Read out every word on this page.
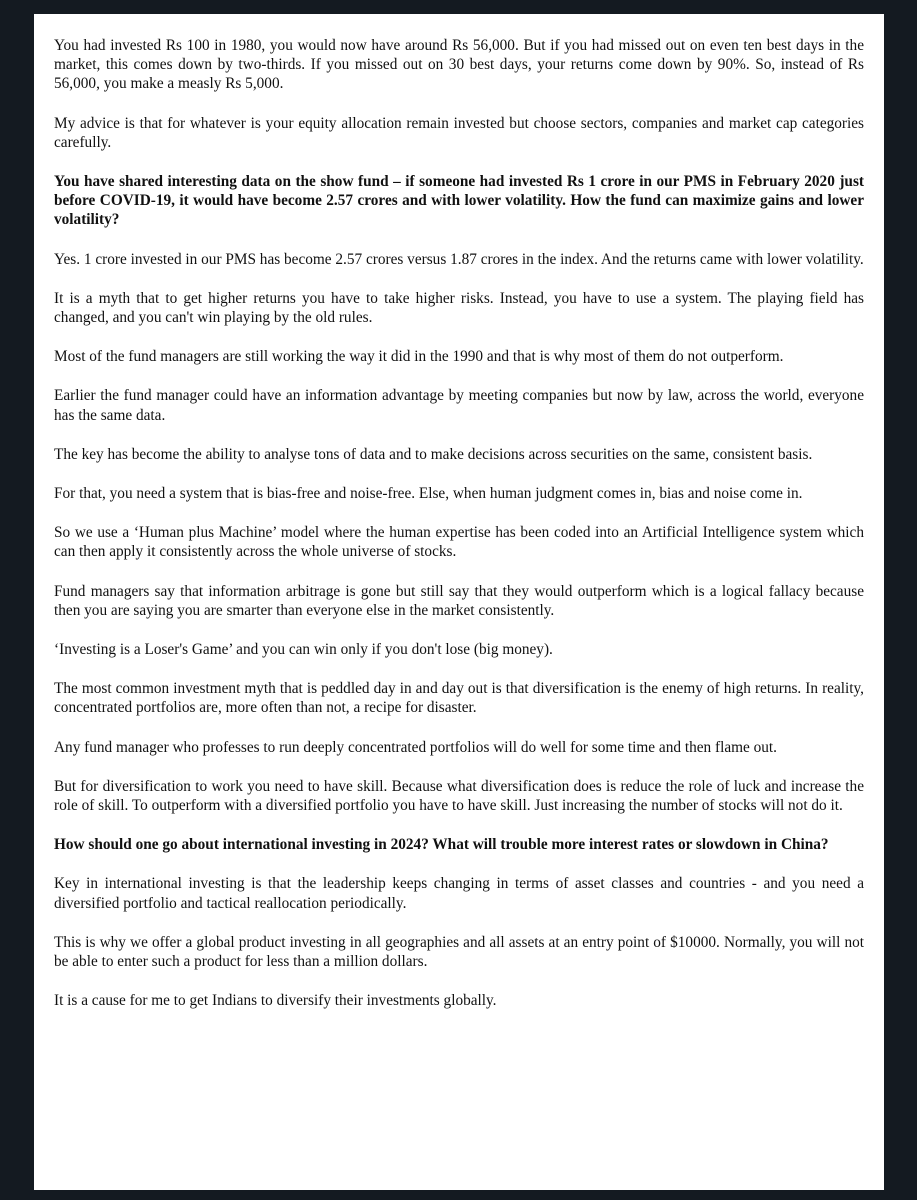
You had invested Rs 100 in 1980, you would now have around Rs 56,000. But if you had missed out on even ten best days in the market, this comes down by two-thirds. If you missed out on 30 best days, your returns come down by 90%. So, instead of Rs 56,000, you make a measly Rs 5,000.

My advice is that for whatever is your equity allocation remain invested but choose sectors, companies and market cap categories carefully.

You have shared interesting data on the show fund – if someone had invested Rs 1 crore in our PMS in February 2020 just before COVID-19, it would have become 2.57 crores and with lower volatility. How the fund can maximize gains and lower volatility?

Yes. 1 crore invested in our PMS has become 2.57 crores versus 1.87 crores in the index. And the returns came with lower volatility.

It is a myth that to get higher returns you have to take higher risks. Instead, you have to use a system. The playing field has changed, and you can't win playing by the old rules.

Most of the fund managers are still working the way it did in the 1990 and that is why most of them do not outperform.

Earlier the fund manager could have an information advantage by meeting companies but now by law, across the world, everyone has the same data.

The key has become the ability to analyse tons of data and to make decisions across securities on the same, consistent basis.

For that, you need a system that is bias-free and noise-free. Else, when human judgment comes in, bias and noise come in.

So we use a ‘Human plus Machine’ model where the human expertise has been coded into an Artificial Intelligence system which can then apply it consistently across the whole universe of stocks.

Fund managers say that information arbitrage is gone but still say that they would outperform which is a logical fallacy because then you are saying you are smarter than everyone else in the market consistently.

‘Investing is a Loser's Game’ and you can win only if you don't lose (big money).

The most common investment myth that is peddled day in and day out is that diversification is the enemy of high returns. In reality, concentrated portfolios are, more often than not, a recipe for disaster.

Any fund manager who professes to run deeply concentrated portfolios will do well for some time and then flame out.

But for diversification to work you need to have skill. Because what diversification does is reduce the role of luck and increase the role of skill. To outperform with a diversified portfolio you have to have skill. Just increasing the number of stocks will not do it.

How should one go about international investing in 2024? What will trouble more interest rates or slowdown in China?

Key in international investing is that the leadership keeps changing in terms of asset classes and countries - and you need a diversified portfolio and tactical reallocation periodically.

This is why we offer a global product investing in all geographies and all assets at an entry point of $10000. Normally, you will not be able to enter such a product for less than a million dollars.

It is a cause for me to get Indians to diversify their investments globally.
